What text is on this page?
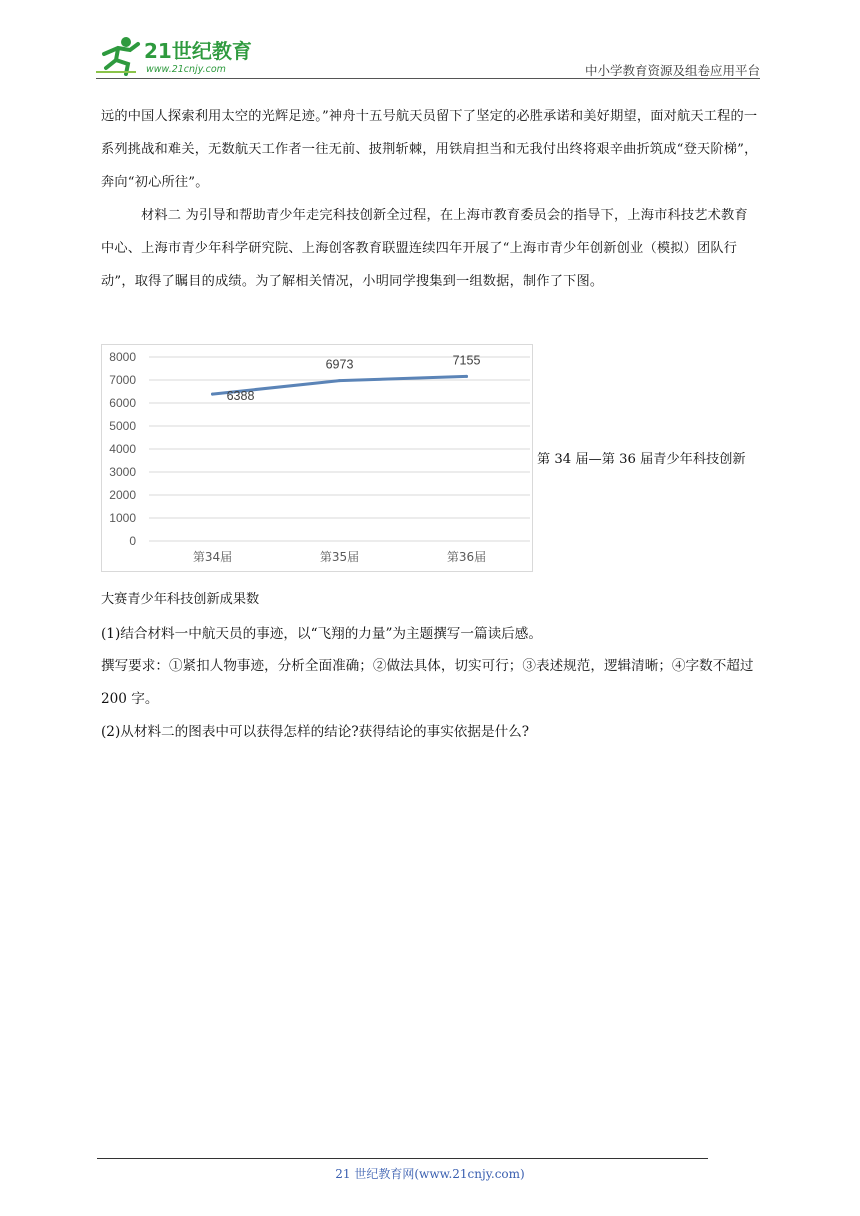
21世纪教育
www.21cnjy.com	中小学教育资源及组卷应用平台

远的中国人探索利用太空的光辉足迹。”神舟十五号航天员留下了坚定的必胜承诺和美好期望，面对航天工程的一系列挑战和难关，无数航天工作者一往无前、披荆斩棘，用铁肩担当和无我付出终将艰辛曲折筑成“登天阶梯”，奔向“初心所往”。

材料二 为引导和帮助青少年走完科技创新全过程，在上海市教育委员会的指导下，上海市科技艺术教育中心、上海市青少年科学研究院、上海创客教育联盟连续四年开展了“上海市青少年创新创业（模拟）团队行动”，取得了瞩目的成绩。为了解相关情况，小明同学搜集到一组数据，制作了下图。

0
1000
2000
3000
4000
5000
6000
7000
8000
第34届	第35届	第36届
6388
6973	7155
第 34 届—第 36 届青少年科技创新
大赛青少年科技创新成果数

(1)结合材料一中航天员的事迹，以“飞翔的力量”为主题撰写一篇读后感。

撰写要求：①紧扣人物事迹，分析全面准确；②做法具体，切实可行；③表述规范，逻辑清晰；④字数不超过 200 字。

(2)从材料二的图表中可以获得怎样的结论?获得结论的事实依据是什么?

21 世纪教育网(www.21cnjy.com)
